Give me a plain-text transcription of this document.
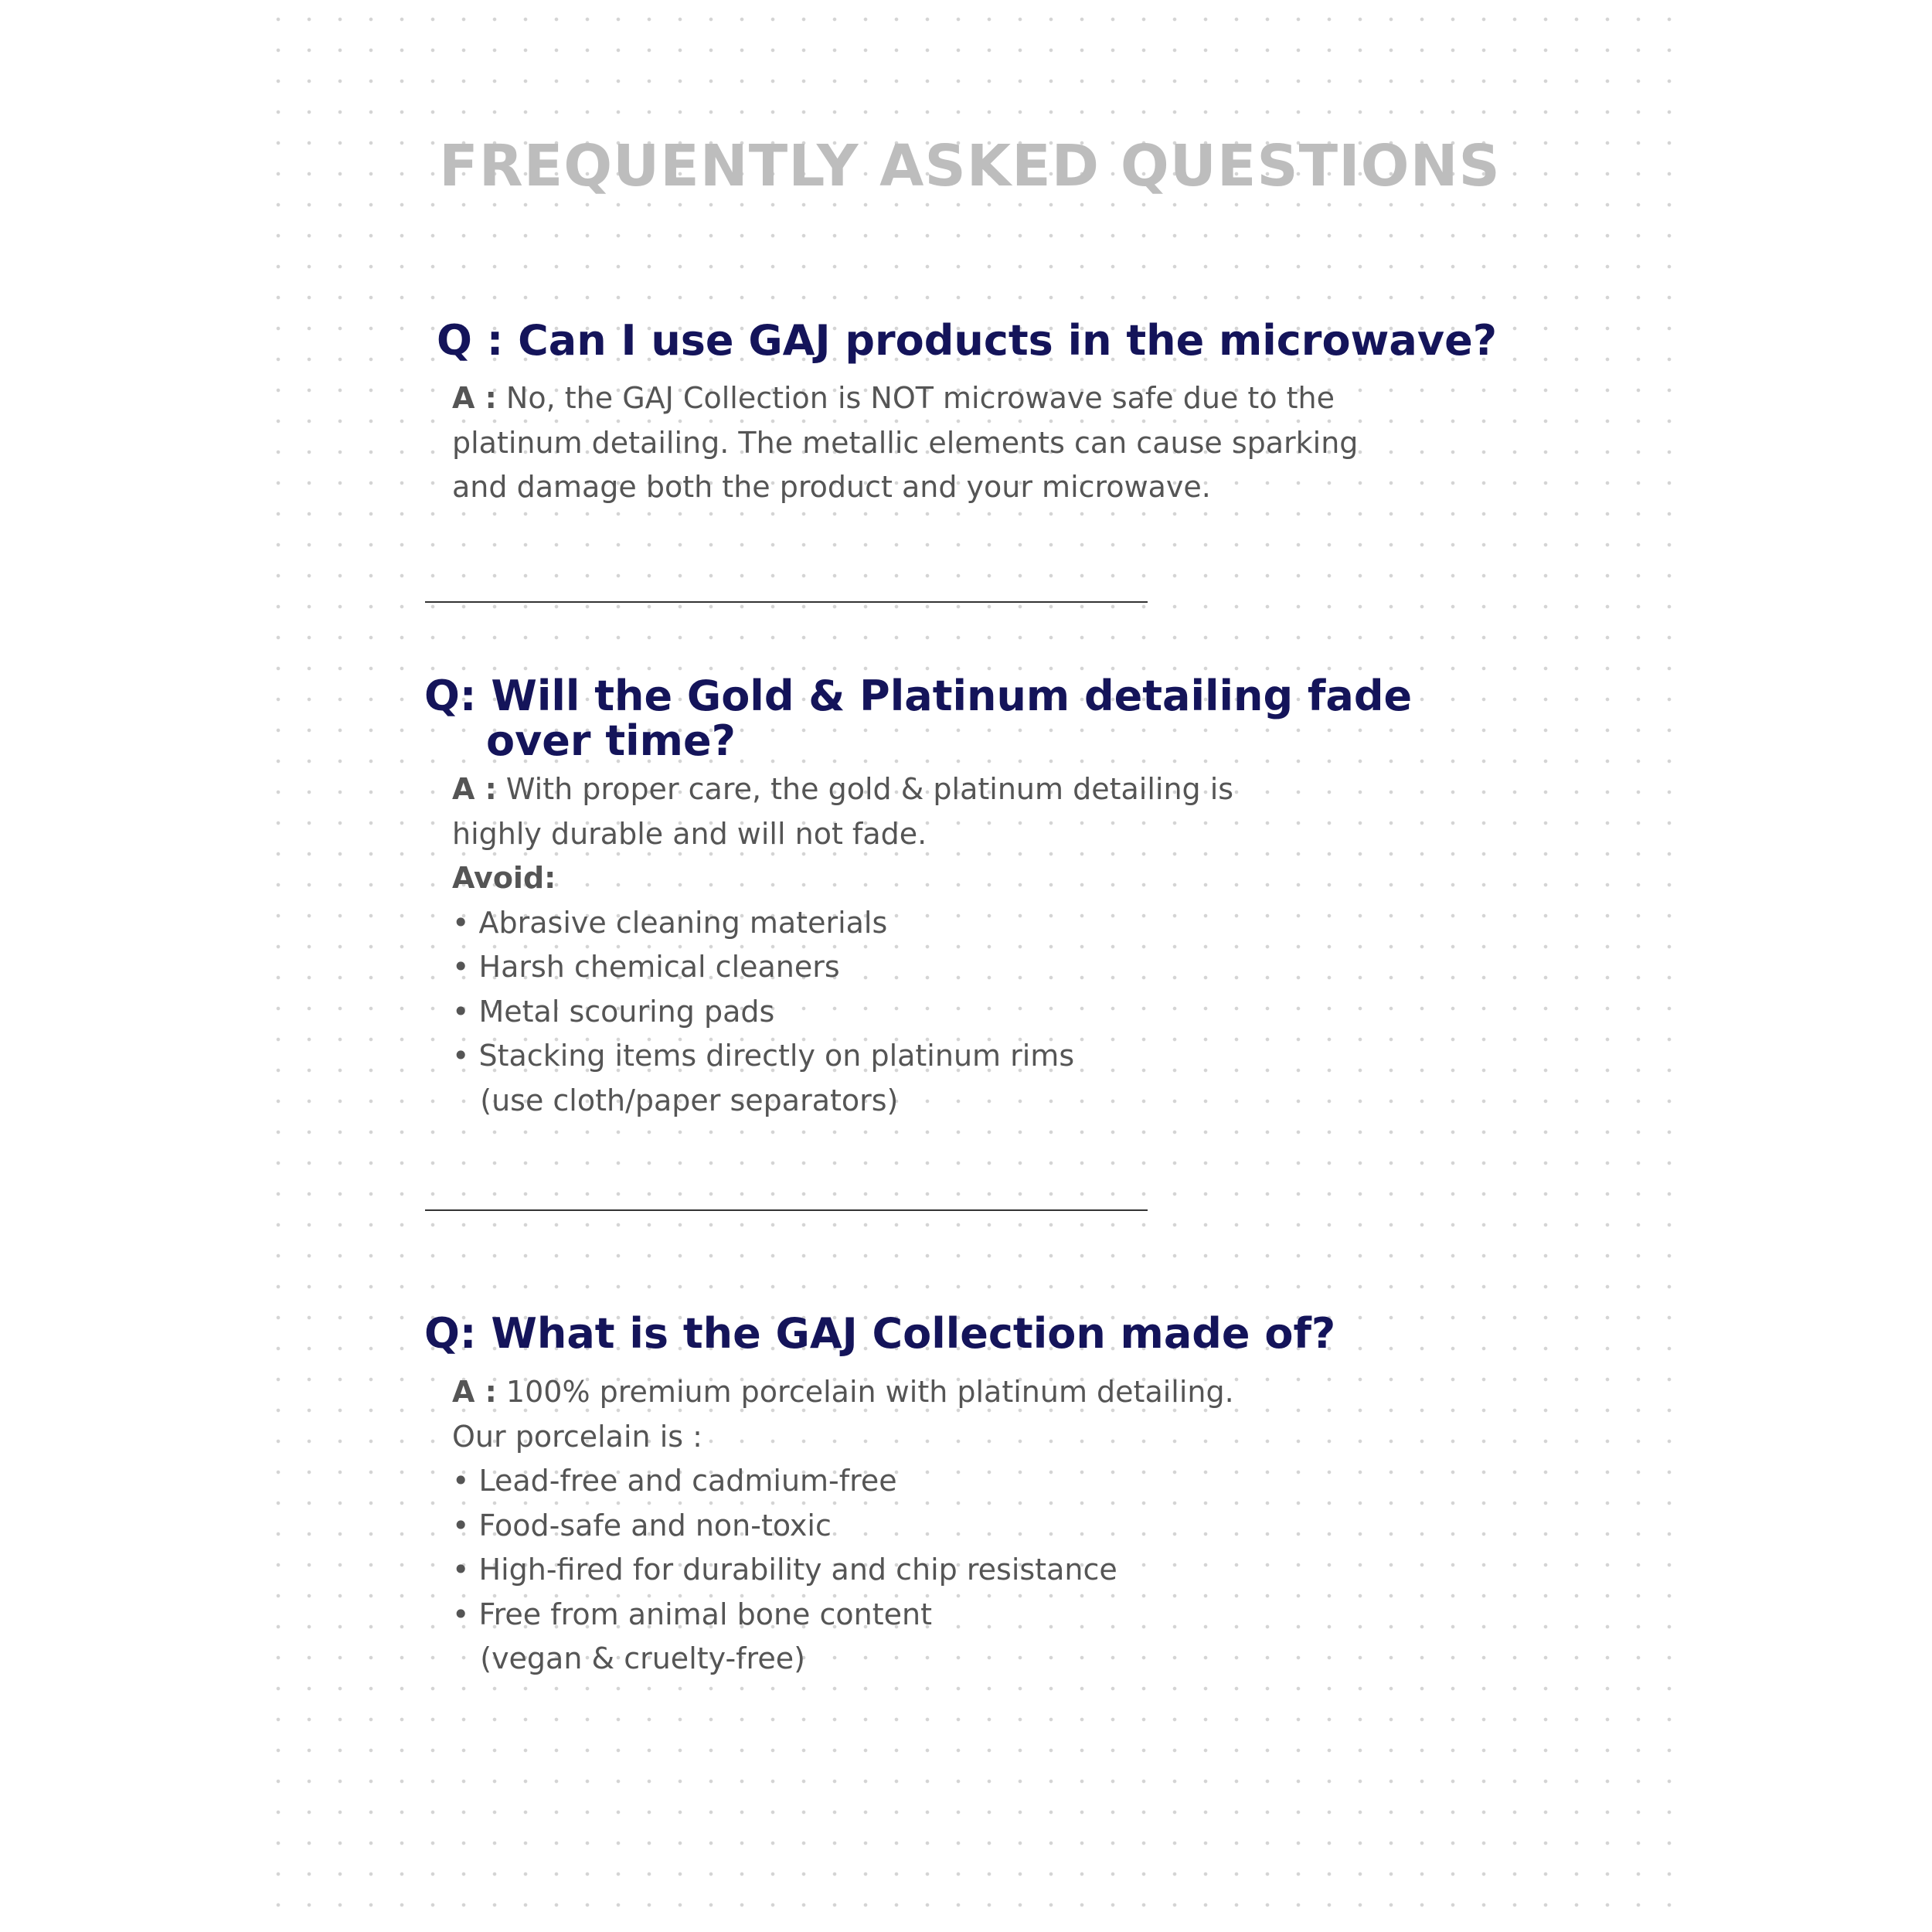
FREQUENTLY ASKED QUESTIONS
Q : Can I use GAJ products in the microwave?
A : No, the GAJ Collection is NOT microwave safe due to the
platinum detailing. The metallic elements can cause sparking
and damage both the product and your microwave.
Q: Will the Gold & Platinum detailing fade
over time?
A : With proper care, the gold & platinum detailing is
highly durable and will not fade.
Avoid:
• Abrasive cleaning materials
• Harsh chemical cleaners
• Metal scouring pads
• Stacking items directly on platinum rims
(use cloth/paper separators)
Q: What is the GAJ Collection made of?
A : 100% premium porcelain with platinum detailing.
Our porcelain is :
• Lead-free and cadmium-free
• Food-safe and non-toxic
• High-fired for durability and chip resistance
• Free from animal bone content
(vegan & cruelty-free)
